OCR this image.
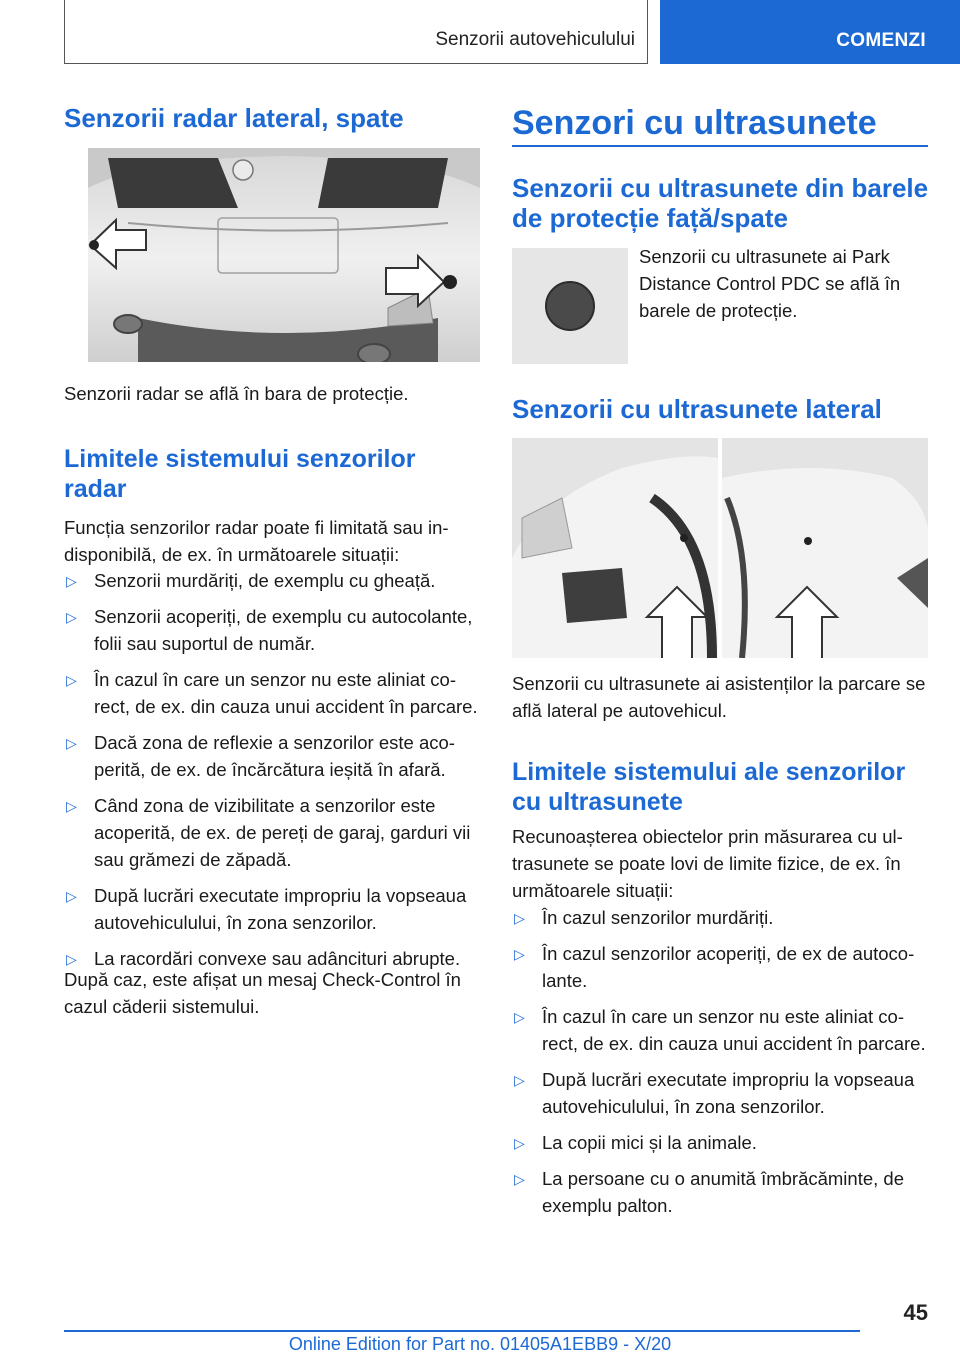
Senzorii autovehiculului	COMENZI
Senzorii radar lateral, spate

Senzorii radar se află în bara de protecție.

Limitele sistemului senzorilor radar

Funcția senzorilor radar poate fi limitată sau indisponibilă, de ex. în următoarele situații:

▷ Senzorii murdăriți, de exemplu cu gheață.
▷ Senzorii acoperiți, de exemplu cu autocolante, folii sau suportul de număr.
▷ În cazul în care un senzor nu este aliniat corect, de ex. din cauza unui accident în parcare.
▷ Dacă zona de reflexie a senzorilor este acoperită, de ex. de încărcătura ieșită în afară.
▷ Când zona de vizibilitate a senzorilor este acoperită, de ex. de pereți de garaj, garduri vii sau grămezi de zăpadă.
▷ După lucrări executate impropriu la vopseaua autovehiculului, în zona senzorilor.
▷ La racordări convexe sau adâncituri abrupte.

După caz, este afișat un mesaj Check-Control în cazul căderii sistemului.

Senzori cu ultrasunete
Senzorii cu ultrasunete din barele de protecție față/spate

Senzorii cu ultrasunete ai Park Distance Control PDC se află în barele de protecție.

Senzorii cu ultrasunete lateral

Senzorii cu ultrasunete ai asistenților la parcare se află lateral pe autovehicul.

Limitele sistemului ale senzorilor cu ultrasunete

Recunoașterea obiectelor prin măsurarea cu ultrasunete se poate lovi de limite fizice, de ex. în următoarele situații:

▷ În cazul senzorilor murdăriți.
▷ În cazul senzorilor acoperiți, de ex de autocolante.
▷ În cazul în care un senzor nu este aliniat corect, de ex. din cauza unui accident în parcare.
▷ După lucrări executate impropriu la vopseaua autovehiculului, în zona senzorilor.
▷ La copii mici și la animale.
▷ La persoane cu o anumită îmbrăcăminte, de exemplu palton.
45
Online Edition for Part no. 01405A1EBB9 - X/20
